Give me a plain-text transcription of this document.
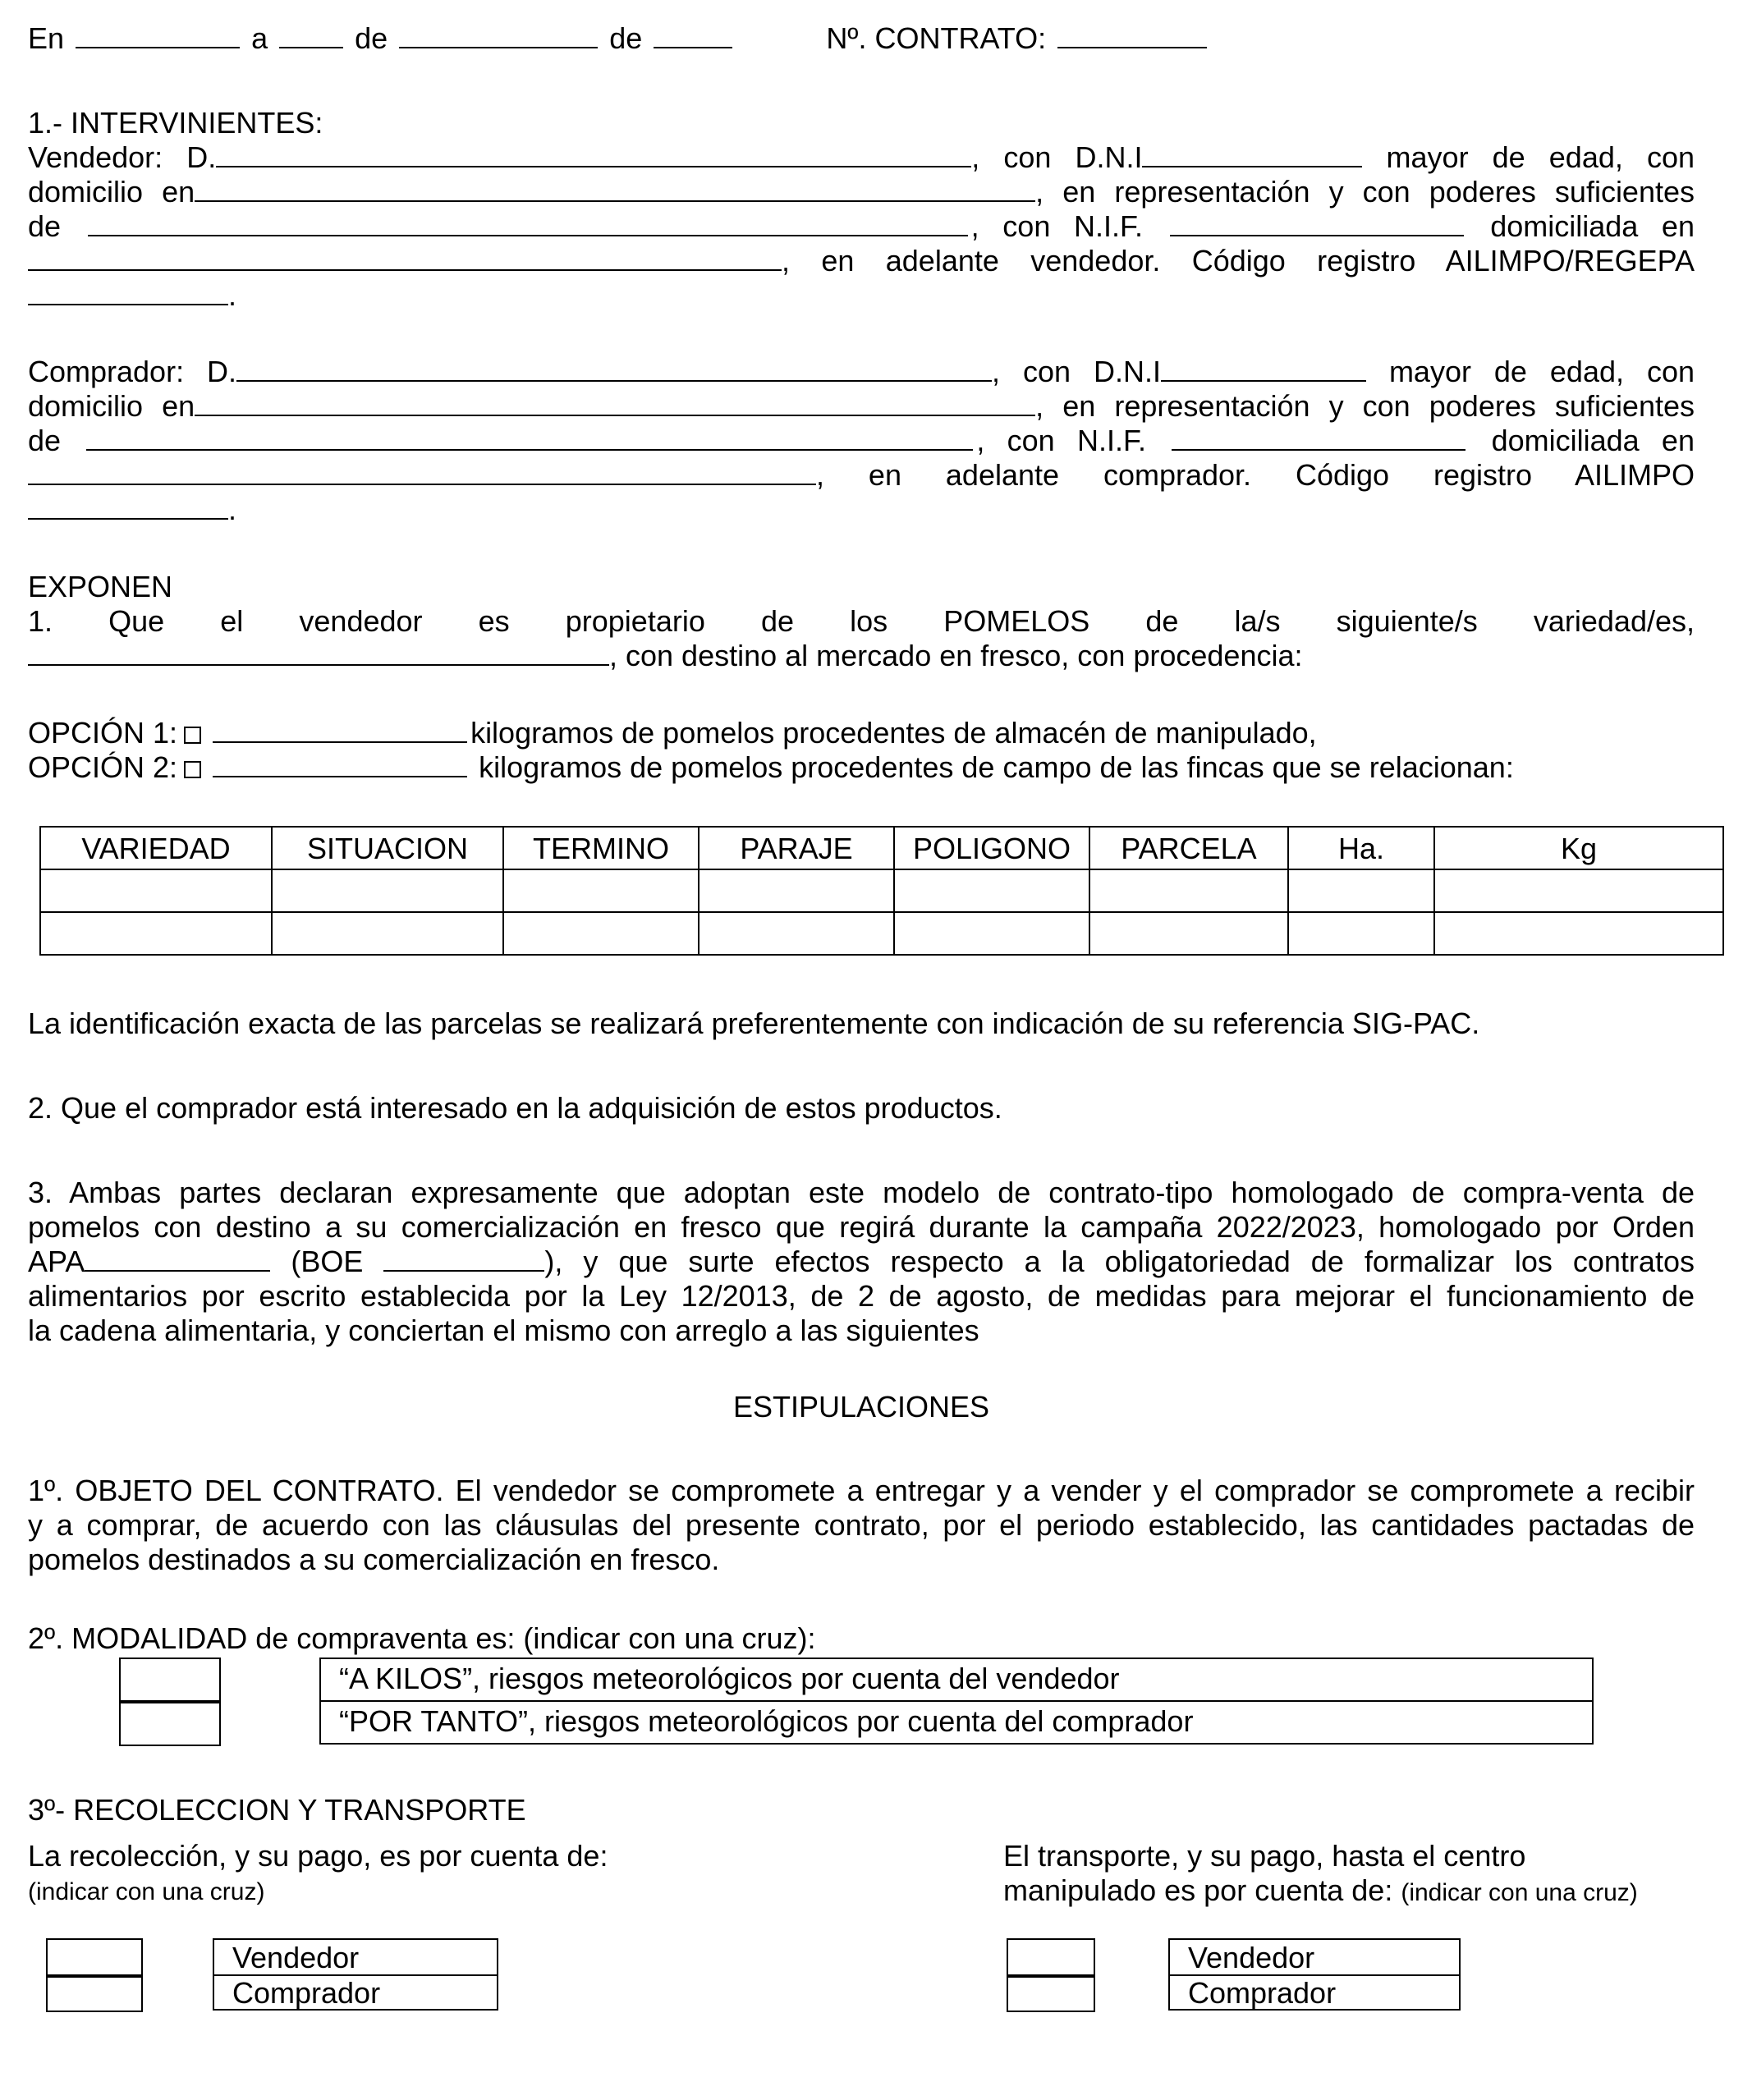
En	a	de	de	Nº. CONTRATO:
1.- INTERVINIENTES:
Vendedor: D.	, con D.N.I	mayor de edad, con
domicilio en	, en representación y con poderes suficientes
de	, con N.I.F.	domiciliada en
, en adelante vendedor. Código registro AILIMPO/REGEPA
.
Comprador: D.	, con D.N.I	mayor de edad, con
domicilio en	, en representación y con poderes suficientes
de	, con N.I.F.	domiciliada en
, en adelante comprador. Código registro AILIMPO
.
EXPONEN
1. Que el vendedor es propietario de los POMELOS de la/s siguiente/s variedad/es,
, con destino al mercado en fresco, con procedencia:
OPCIÓN 1:	kilogramos de pomelos procedentes de almacén de manipulado,
OPCIÓN 2:	kilogramos de pomelos procedentes de campo de las fincas que se relacionan:
VARIEDAD	SITUACION	TERMINO	PARAJE	POLIGONO	PARCELA	Ha.	Kg

La identificación exacta de las parcelas se realizará preferentemente con indicación de su referencia SIG-PAC.
2. Que el comprador está interesado en la adquisición de estos productos.
3. Ambas partes declaran expresamente que adoptan este modelo de contrato-tipo homologado de compra-venta de
pomelos con destino a su comercialización en fresco que regirá durante la campaña 2022/2023, homologado por Orden
APA	(BOE	), y que surte efectos respecto a la obligatoriedad de formalizar los contratos
alimentarios por escrito establecida por la Ley 12/2013, de 2 de agosto, de medidas para mejorar el funcionamiento de
la cadena alimentaria, y conciertan el mismo con arreglo a las siguientes
ESTIPULACIONES
1º. OBJETO DEL CONTRATO. El vendedor se compromete a entregar y a vender y el comprador se compromete a recibir
y a comprar, de acuerdo con las cláusulas del presente contrato, por el periodo establecido, las cantidades pactadas de
pomelos destinados a su comercialización en fresco.
2º. MODALIDAD de compraventa es: (indicar con una cruz):
“A KILOS”, riesgos meteorológicos por cuenta del vendedor
“POR TANTO”, riesgos meteorológicos por cuenta del comprador
3º- RECOLECCION Y TRANSPORTE
La recolección, y su pago, es por cuenta de:
(indicar con una cruz)
El transporte, y su pago, hasta el centro
manipulado es por cuenta de: (indicar con una cruz)
Vendedor
Comprador
Vendedor
Comprador
